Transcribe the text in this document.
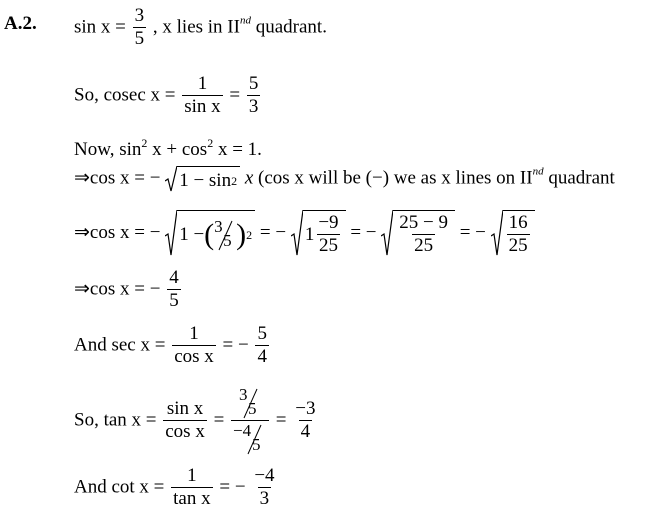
A.2. $\sin x = \frac{3}{5}$ , x lies in IInd quadrant.
So, cosec $x = \frac{1}{\text{sin x}} = \frac{5}{3}$
Now, $\sin^2 x + \cos^2 x = 1$.
⇒cos x = − 1 − sin 2 x (cos x will be (−) we as x lines on IInd quadrant
⇒cos x = − 1 − ( 3
5 ) 2 = − $1 \frac{-9}{25}$ = − $\frac{25 - 9}{25}$ = − $\frac{16}{25}$
⇒cos x = − $\frac{4}{5}$
And $\sec x = \frac{1}{\text{cos x}}$ = − $\frac{5}{4}$
So, $\tan x = \frac{\text{sin x}}{\text{cos x}} = 3$
5
−4
$5 = \frac{-3}{4}$
And $\cot x = \frac{1}{\text{tan x}}$ = − $\frac{-4}{3}$
